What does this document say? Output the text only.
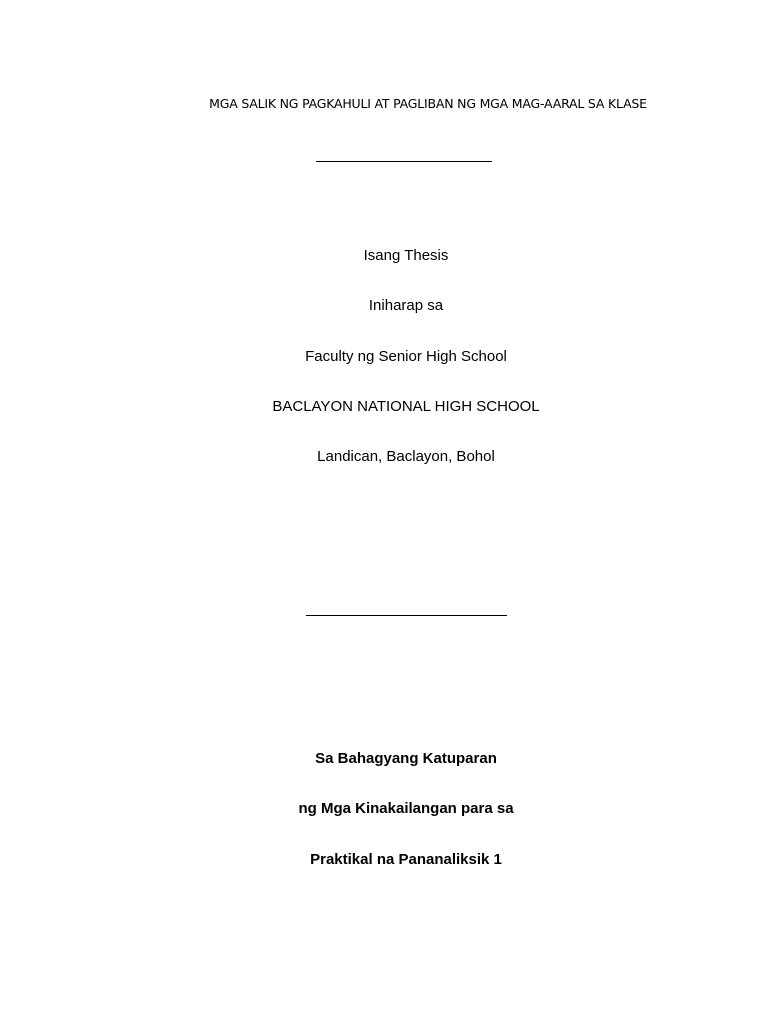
MGA SALIK NG PAGKAHULI AT PAGLIBAN NG MGA MAG-AARAL SA KLASE
Isang Thesis
Iniharap sa
Faculty ng Senior High School
BACLAYON NATIONAL HIGH SCHOOL
Landican, Baclayon, Bohol
Sa Bahagyang Katuparan
ng Mga Kinakailangan para sa
Praktikal na Pananaliksik 1
